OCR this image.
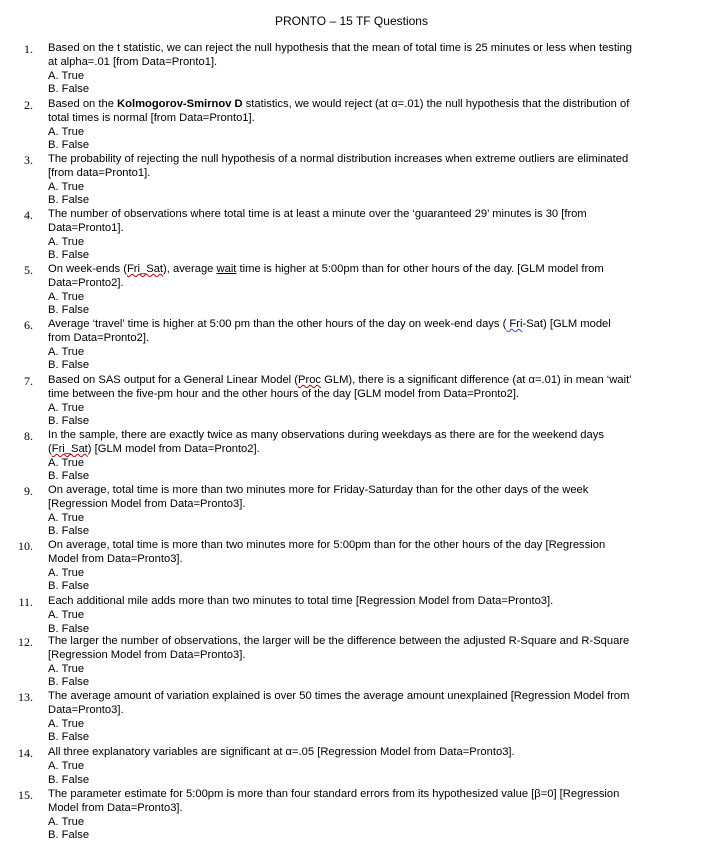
PRONTO – 15 TF Questions
1. Based on the t statistic, we can reject the null hypothesis that the mean of total time is 25 minutes or less when testing
at alpha=.01 [from Data=Pronto1].
A. True
B. False
2. Based on the Kolmogorov-Smirnov D statistics, we would reject (at α=.01) the null hypothesis that the distribution of
total times is normal [from Data=Pronto1].
A. True
B. False
3. The probability of rejecting the null hypothesis of a normal distribution increases when extreme outliers are eliminated
[from data=Pronto1].
A. True
B. False
4. The number of observations where total time is at least a minute over the ‘guaranteed 29’ minutes is 30 [from
Data=Pronto1].
A. True
B. False
5. On week-ends (Fri_Sat), average wait time is higher at 5:00pm than for other hours of the day. [GLM model from
Data=Pronto2].
A. True
B. False
6. Average ‘travel’ time is higher at 5:00 pm than the other hours of the day on week-end days ( Fri-Sat) [GLM model
from Data=Pronto2].
A. True
B. False
7. Based on SAS output for a General Linear Model (Proc GLM), there is a significant difference (at α=.01) in mean ‘wait’
time between the five-pm hour and the other hours of the day [GLM model from Data=Pronto2].
A. True
B. False
8. In the sample, there are exactly twice as many observations during weekdays as there are for the weekend days
(Fri_Sat) [GLM model from Data=Pronto2].
A. True
B. False
9. On average, total time is more than two minutes more for Friday-Saturday than for the other days of the week
[Regression Model from Data=Pronto3].
A. True
B. False
10. On average, total time is more than two minutes more for 5:00pm than for the other hours of the day [Regression
Model from Data=Pronto3].
A. True
B. False
11. Each additional mile adds more than two minutes to total time [Regression Model from Data=Pronto3].
A. True
B. False
12. The larger the number of observations, the larger will be the difference between the adjusted R-Square and R-Square
[Regression Model from Data=Pronto3].
A. True
B. False
13. The average amount of variation explained is over 50 times the average amount unexplained [Regression Model from
Data=Pronto3].
A. True
B. False
14. All three explanatory variables are significant at α=.05 [Regression Model from Data=Pronto3].
A. True
B. False
15. The parameter estimate for 5:00pm is more than four standard errors from its hypothesized value [β=0] [Regression
Model from Data=Pronto3].
A. True
B. False
